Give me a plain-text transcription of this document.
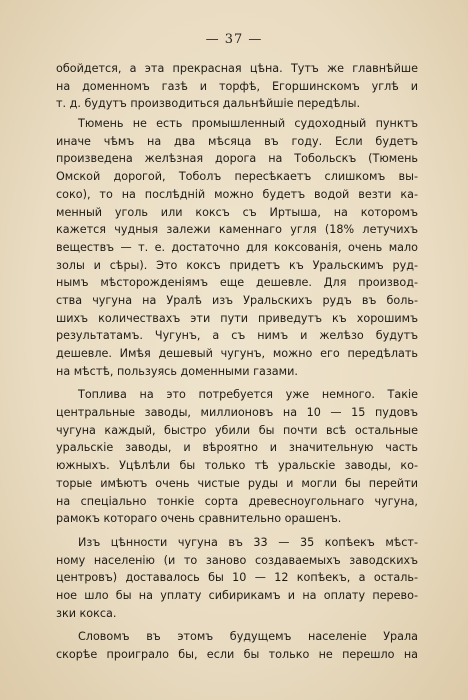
— 37 —
обойдется, а эта прекрасная цѣна. Тутъ же главнѣйше
на доменномъ газѣ и торфѣ, Егоршинскомъ углѣ и
т. д. будутъ производиться дальнѣйшіе передѣлы.
Тюмень не есть промышленный судоходный пунктъ
иначе чѣмъ на два мѣсяца въ году. Если будетъ
произведена желѣзная дорога на Тобольскъ (Тюмень
Омской дорогой, Тоболъ пересѣкаетъ слишкомъ вы-
соко), то на послѣдній можно будетъ водой везти ка-
менный уголь или коксъ съ Иртыша, на которомъ
кажется чудныя залежи каменнаго угля (18% летучихъ
веществъ — т. е. достаточно для коксованія, очень мало
золы и сѣры). Это коксъ придетъ къ Уральскимъ руд-
нымъ мѣсторожденіямъ еще дешевле. Для производ-
ства чугуна на Уралѣ изъ Уральскихъ рудъ въ боль-
шихъ количествахъ эти пути приведутъ къ хорошимъ
результатамъ. Чугунъ, а съ нимъ и желѣзо будутъ
дешевле. Имѣя дешевый чугунъ, можно его передѣлать
на мѣстѣ, пользуясь доменными газами.
Топлива на это потребуется уже немного. Такіе
центральные заводы, миллионовъ на 10 — 15 пудовъ
чугуна каждый, быстро убили бы почти всѣ остальные
уральскіе заводы, и вѣроятно и значительную часть
южныхъ. Уцѣлѣли бы только тѣ уральскіе заводы, ко-
торые имѣютъ очень чистые руды и могли бы перейти
на спеціально тонкіе сорта древесноугольнаго чугуна,
рамокъ котораго очень сравнительно орашенъ.
Изъ цѣнности чугуна въ 33 — 35 копѣекъ мѣст-
ному населенію (и то заново создаваемыхъ заводскихъ
центровъ) доставалось бы 10 — 12 копѣекъ, а осталь-
ное шло бы на уплату сибирикамъ и на оплату перево-
зки кокса.
Словомъ въ этомъ будущемъ населеніе Урала
скорѣе проиграло бы, если бы только не перешло на
